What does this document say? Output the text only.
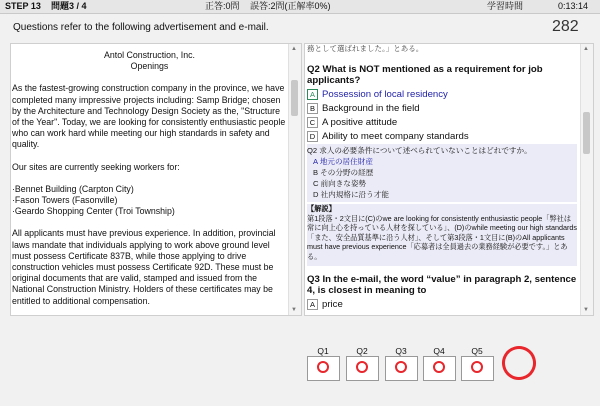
STEP 13 問題3 / 4	正答:0問 誤答:2問(正解率0%)	学習時間	0:13:14
Questions refer to the following advertisement and e-mail.	282
Antol Construction, Inc.
Openings

As the fastest-growing construction company in the province, we have completed many impressive projects including: Samp Bridge; chosen by the Architecture and Technology Design Society as the, "Structure of the Year". Today, we are looking for consistently enthusiastic people who can work hard while meeting our high standards in safety and quality.

Our sites are currently seeking workers for:

·Bennet Building (Carpton City)
·Fason Towers (Fasonville)
·Geardo Shopping Center (Troi Township)

All applicants must have previous experience. In addition, provincial laws mandate that individuals applying to work above ground level must possess Certificate 837B, while those applying to drive construction vehicles must possess Certificate 92D. These must be original documents that are valid, stamped and issued from the National Construction Ministry. Holders of these certificates may be entitled to additional compensation.

▲
▼
務として選ばれました。」とある。
Q2 What is NOT mentioned as a requirement for job applicants?
A Possession of local residency
B Background in the field
C A positive attitude
D Ability to meet company standards
Q2 求人の必要条件について述べられていないことはどれですか。
A 地元の居住財産
B その分野の経歴
C 前向きな姿勢
D 社内規格に沿う才能
【解説】
第1段落・2文目に(C)のwe are looking for consistently enthusiastic people「弊社は常に向上心を持っている人材を探している」、(D)のwhile meeting our high standards「また、安全品質基準に沿う人材」、そして第3段落・1文目に(B)のAll applicants must have previous experience「応募者は全員過去の業務経験が必要です。」とある。
Q3 In the e-mail, the word “value” in paragraph 2, sentence 4, is closest in meaning to
A price
▲
▼
Q1	Q2	Q3	Q4	Q5
